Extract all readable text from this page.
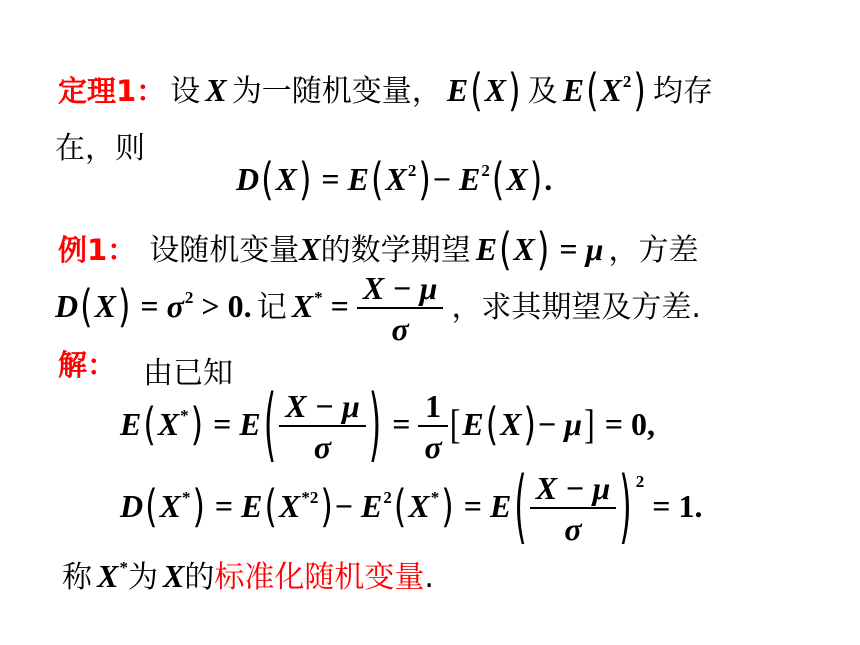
定理1： 设 X 为一随机变量， E(X) 及 $E(X^2)$ 均存
在，则
$D(X) = E(X^2)- E^2(X)$.
例1： 设随机变量X的数学期望 E(X) = μ ，方差
$D(X) = \sigma^2 > 0$. 记 $X^* = \frac{X - \mu}{\sigma}$ ，求其期望及方差.
解： 由已知
$E(X^*) = E( \frac{X - \mu}{\sigma}$ ) = $\frac{1}{\sigma} [E(X)- \mu] = 0$,
$D(X^*) = E(X^{*2})- E^2(X^*) = E( \frac{X - \mu}{\sigma}$ ) $^2$ = 1.
称 X*为 X的标准化随机变量.
